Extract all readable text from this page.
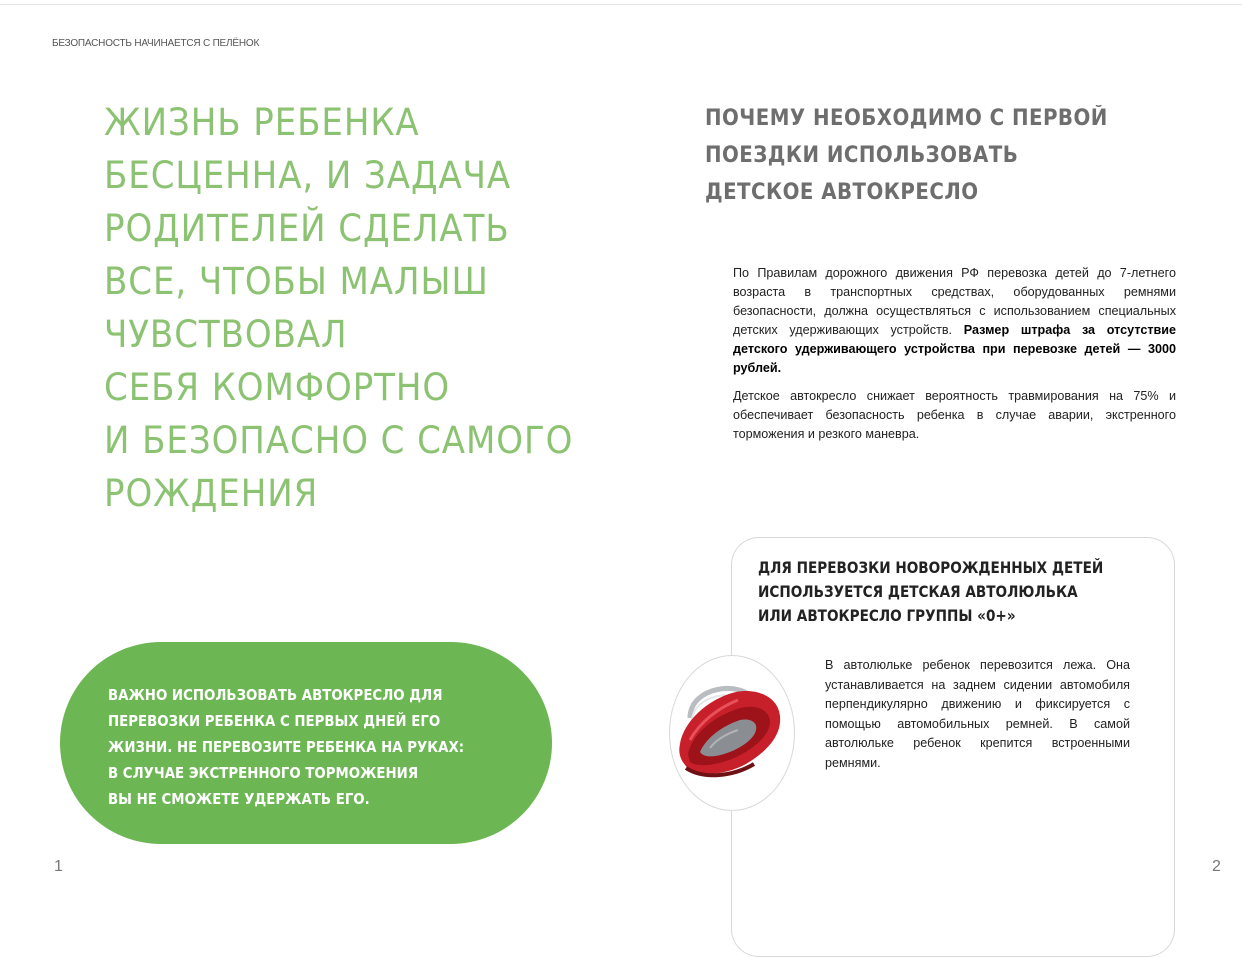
БЕЗОПАСНОСТЬ НАЧИНАЕТСЯ С ПЕЛЁНОК
ЖИЗНЬ РЕБЕНКА
БЕСЦЕННА, И ЗАДАЧА
РОДИТЕЛЕЙ СДЕЛАТЬ
ВСЕ, ЧТОБЫ МАЛЫШ
ЧУВСТВОВАЛ
СЕБЯ КОМФОРТНО
И БЕЗОПАСНО С САМОГО
РОЖДЕНИЯ

ВАЖНО ИСПОЛЬЗОВАТЬ АВТОКРЕСЛО ДЛЯ

ПЕРЕВОЗКИ РЕБЕНКА С ПЕРВЫХ ДНЕЙ ЕГО

ЖИЗНИ. НЕ ПЕРЕВОЗИТЕ РЕБЕНКА НА РУКАХ:

В СЛУЧАЕ ЭКСТРЕННОГО ТОРМОЖЕНИЯ

ВЫ НЕ СМОЖЕТЕ УДЕРЖАТЬ ЕГО.

1
ПОЧЕМУ НЕОБХОДИМО С ПЕРВОЙ
ПОЕЗДКИ ИСПОЛЬЗОВАТЬ
ДЕТСКОЕ АВТОКРЕСЛО

По Правилам дорожного движения РФ перевозка детей до 7-летнего возраста в транспортных средствах, оборудованных ремнями безопасности, должна осуществляться с использованием специальных детских удерживающих устройств. Размер штрафа за отсутствие детского удерживающего устройства при перевозке детей — 3000 рублей.

Детское автокресло снижает вероятность травмирования на 75% и обеспечивает безопасность ребенка в случае аварии, экстренного торможения и резкого маневра.

ДЛЯ ПЕРЕВОЗКИ НОВОРОЖДЕННЫХ ДЕТЕЙ
ИСПОЛЬЗУЕТСЯ ДЕТСКАЯ АВТОЛЮЛЬКА
ИЛИ АВТОКРЕСЛО ГРУППЫ «0+»

В автолюльке ребенок перевозится лежа. Она устанавливается на заднем сидении автомобиля перпендикулярно движению и фиксируется с помощью автомобильных ремней. В самой автолюльке ребенок крепится встроенными ремнями.

2
